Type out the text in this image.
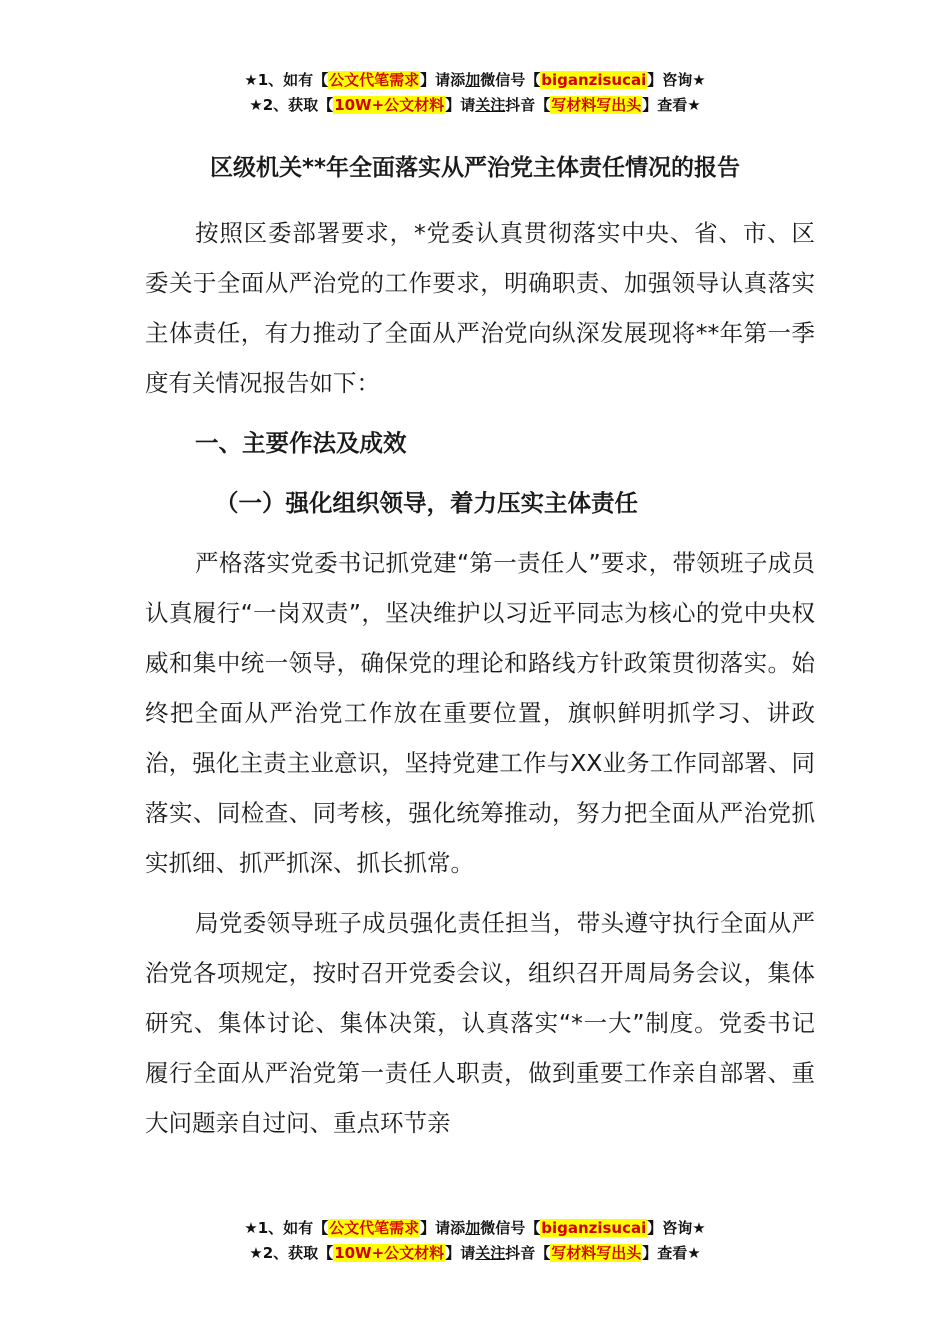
★1、如有【公文代笔需求】请添加微信号【biganzisucai】咨询★
★2、获取【10W+公文材料】请关注抖音【写材料写出头】查看★
区级机关**年全面落实从严治党主体责任情况的报告

按照区委部署要求，*党委认真贯彻落实中央、省、市、区委关于全面从严治党的工作要求，明确职责、加强领导认真落实主体责任，有力推动了全面从严治党向纵深发展现将**年第一季度有关情况报告如下：

一、主要作法及成效

（一）强化组织领导，着力压实主体责任

严格落实党委书记抓党建“第一责任人”要求，带领班子成员认真履行“一岗双责”，坚决维护以习近平同志为核心的党中央权威和集中统一领导，确保党的理论和路线方针政策贯彻落实。始终把全面从严治党工作放在重要位置，旗帜鲜明抓学习、讲政治，强化主责主业意识，坚持党建工作与XX业务工作同部署、同落实、同检查、同考核，强化统筹推动，努力把全面从严治党抓实抓细、抓严抓深、抓长抓常。

局党委领导班子成员强化责任担当，带头遵守执行全面从严治党各项规定，按时召开党委会议，组织召开周局务会议，集体研究、集体讨论、集体决策，认真落实“*一大”制度。党委书记履行全面从严治党第一责任人职责，做到重要工作亲自部署、重大问题亲自过问、重点环节亲

★1、如有【公文代笔需求】请添加微信号【biganzisucai】咨询★
★2、获取【10W+公文材料】请关注抖音【写材料写出头】查看★
